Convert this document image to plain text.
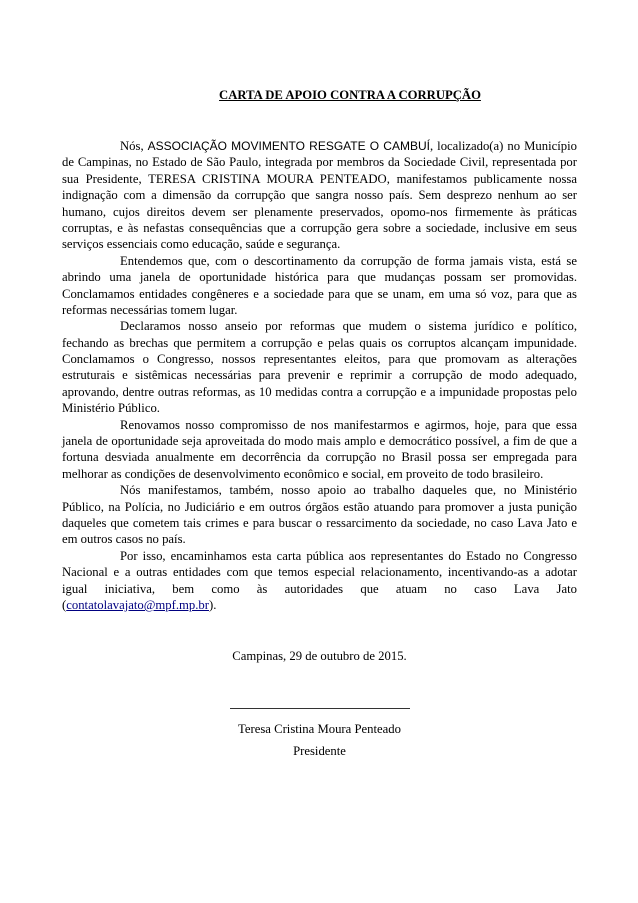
CARTA DE APOIO CONTRA A CORRUPÇÃO
Nós, ASSOCIAÇÃO MOVIMENTO RESGATE O CAMBUÍ, localizado(a) no Município
de Campinas, no Estado de São Paulo, integrada por membros da Sociedade Civil, representada por
sua Presidente, TERESA CRISTINA MOURA PENTEADO, manifestamos publicamente nossa
indignação com a dimensão da corrupção que sangra nosso país. Sem desprezo nenhum ao ser
humano, cujos direitos devem ser plenamente preservados, opomo-nos firmemente às práticas
corruptas, e às nefastas consequências que a corrupção gera sobre a sociedade, inclusive em seus
serviços essenciais como educação, saúde e segurança.
Entendemos que, com o descortinamento da corrupção de forma jamais vista, está se
abrindo uma janela de oportunidade histórica para que mudanças possam ser promovidas.
Conclamamos entidades congêneres e a sociedade para que se unam, em uma só voz, para que as
reformas necessárias tomem lugar.
Declaramos nosso anseio por reformas que mudem o sistema jurídico e político,
fechando as brechas que permitem a corrupção e pelas quais os corruptos alcançam impunidade.
Conclamamos o Congresso, nossos representantes eleitos, para que promovam as alterações
estruturais e sistêmicas necessárias para prevenir e reprimir a corrupção de modo adequado,
aprovando, dentre outras reformas, as 10 medidas contra a corrupção e a impunidade propostas pelo
Ministério Público.
Renovamos nosso compromisso de nos manifestarmos e agirmos, hoje, para que essa
janela de oportunidade seja aproveitada do modo mais amplo e democrático possível, a fim de que a
fortuna desviada anualmente em decorrência da corrupção no Brasil possa ser empregada para
melhorar as condições de desenvolvimento econômico e social, em proveito de todo brasileiro.
Nós manifestamos, também, nosso apoio ao trabalho daqueles que, no Ministério
Público, na Polícia, no Judiciário e em outros órgãos estão atuando para promover a justa punição
daqueles que cometem tais crimes e para buscar o ressarcimento da sociedade, no caso Lava Jato e
em outros casos no país.
Por isso, encaminhamos esta carta pública aos representantes do Estado no Congresso
Nacional e a outras entidades com que temos especial relacionamento, incentivando-as a adotar
igual iniciativa, bem como às autoridades que atuam no caso Lava Jato
(contatolavajato@mpf.mp.br).
Campinas, 29 de outubro de 2015.
Teresa Cristina Moura Penteado
Presidente
